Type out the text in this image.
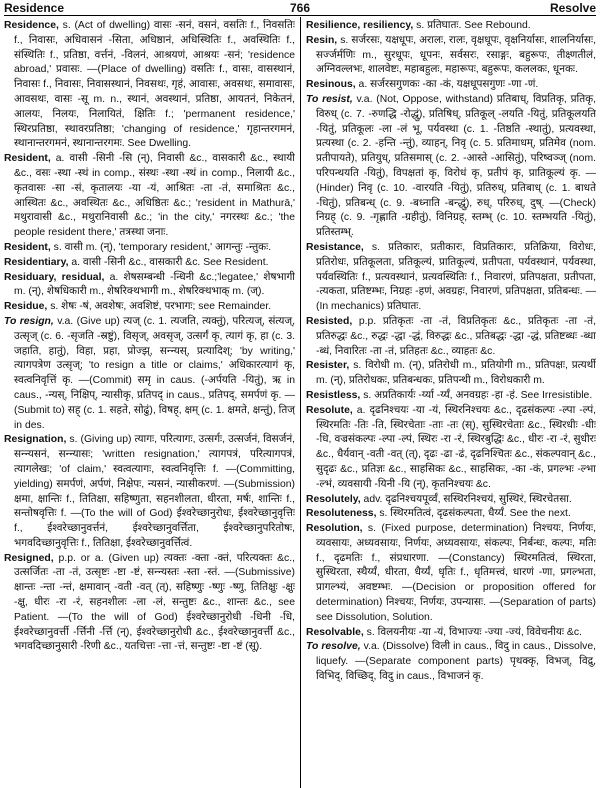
Residence	766	Resolve

Residence, s. (Act of dwelling) वासः -सनं, वसनं, वसतिः f., निवसतिः f., निवासः, अधिवासनं -सिता, अधिष्ठानं, अधिस्थितिः f., अवस्थितिः f., संस्थितिः f., प्रतिष्ठा, वर्त्तनं, -विलनं, आश्रयणं, आश्रयः -सनं; 'residence abroad,' प्रवासः. —(Place of dwelling) वसतिः f., वासः, वासस्थानं, निवासः f., निवासः, निवासस्थानं, निवसथः, गृहं, आवासः, अवसथः, समावासः, आवसथः, वासः -सू m. n., स्थानं, अवस्थानं, प्रतिष्ठा, आयतनं, निकेतनं, आलयः, निलयः, निलायितं, क्षितिः f.; 'permanent residence,' स्थिरप्रतिष्ठा, स्थावरप्रतिष्ठा; 'changing of residence,' गृहान्तरगमनं, स्थानान्तरगमनं, स्थानान्तरगमः. See Dwelling.

Resident, a. वासी -सिनी -सि (न्), निवासी &c., वासकारी &c., स्थायी &c., वसः -स्था -स्थं in comp., संस्थः -स्था -स्थं in comp., निलायी &c., कृतवासः -सा -सं, कृतालयः -या -यं, आश्रितः -ता -तं, समाश्रितः &c., आस्थितः &c., अवस्थितः &c., अधिष्ठितः &c.; 'resident in Mathurā,' मथुरावासी &c., मथुरानिवासी &c.; 'in the city,' नगरस्थः &c.; 'the people resident there,' तत्रस्था जनाः.

Resident, s. वासी m. (न्), 'temporary resident,' आगन्तुः -न्तुकः.

Residentiary, a. वासी -सिनी &c., वासकारी &c. See Resident.

Residuary, residual, a. शेषसम्बन्धी -न्धिनी &c.;'legatee,' शेषभागी m. (न्), शेषधिकारी m., शेषरिक्थभागी m., शेषरिक्थभाक् m. (ज्).

Residue, s. शेषः -षं, अवशेषः, अवशिष्टं, परभागः; see Remainder.

To resign, v.a. (Give up) त्यज् (c. 1. त्यजति, त्यक्तुं), परित्यज्, संत्यज्, उत्सृज् (c. 6. -सृजति -स्रष्टुं), विसृज्, अवसृज्, उत्सर्गं कृ, त्यागं कृ, हा (c. 3. जहाति, हातुं), विहा, प्रहा, प्रोज्झ्, सन्न्यस्, प्रत्यादिश्; 'by writing,' त्यागपत्रेण उत्सृज्; 'to resign a title or claims,' अधिकारत्यागं कृ, स्वत्वनिवृत्तिं कृ. —(Commit) समृ in caus. (-अर्पयति -यितुं), ऋ in caus., -न्यस्, निक्षिप्, न्यासीकृ, प्रतिपद् in caus., प्रतिपद्, समर्पणं कृ. —(Submit to) सह् (c. 1. सहते, सोढुं), विषह्, क्षम् (c. 1. क्षमते, क्षन्तुं), तिज् in des.

Resignation, s. (Giving up) त्यागः, परित्यागः, उत्सर्गः, उत्सर्जनं, विसर्जनं, सन्न्यसनं, सन्न्यासः; 'written resignation,' त्यागपत्रं, परित्यागपत्रं, त्यागलेखः; 'of claim,' स्वत्वत्यागः, स्वत्वनिवृत्तिः f. —(Committing, yielding) समर्पणं, अर्पणं, निक्षेपः, न्यसनं, न्यासीकरणं. —(Submission) क्षमा, क्षान्तिः f., तितिक्षा, सहिष्णुता, सहनशीलता, धीरता, मर्षः, शान्तिः f., सन्तोषवृत्तिः f. —(To the will of God) ईश्वरेच्छानुरोधः, ईश्वरेच्छानुवृत्तिः f., ईश्वरेच्छानुवर्त्तनं, ईश्वरेच्छानुवर्त्तिता, ईश्वरेच्छानुपरितोषः, भगवदिच्छानुवृत्तिः f., तितिक्षा, ईश्वरेच्छानुवर्त्तित्वं.

Resigned, p.p. or a. (Given up) त्यक्तः -क्ता -क्तं, परित्यक्तः &c., उत्सर्जितः -ता -तं, उत्सृष्टः -ष्टा -ष्टं, सन्न्यस्तः -स्ता -स्तं. —(Submissive) क्षान्तः -न्ता -न्तं, क्षमावान् -वती -वत् (त्), सहिष्णुः -ष्णुः -ष्णु, तितिक्षुः -क्षुः -क्षु, धीरः -रा -रं, सहनशीलः -ला -लं, सन्तुष्टः &c., शान्तः &c., see Patient. —(To the will of God) ईश्वरेच्छानुरोधी -धिनी -धि, ईश्वरेच्छानुवर्त्ती -र्त्तिनी -र्त्ति (न्), ईश्वरेच्छानुरोधी &c., ईश्वरेच्छानुवर्त्ती &c., भगवदिच्छानुसारी -रिणी &c., यतचित्तः -त्ता -त्तं, सन्तुष्टः -ष्टा -ष्टं (सू).

Resilience, resiliency, s. प्रतिघातः. See Rebound.

Resin, s. सर्जरसः, यक्षधूपः, अरालः, रालः, वृक्षधूपः, वृक्षनिर्यासः, शालनिर्यासः, सर्ज्जर्मणिः m., सुरधूपः, धूपनः, सर्वसरः, रसाङ्गः, बहुरूपः, तीक्ष्णतीलं, अग्निवल्लभः, शालवेष्टः, महाबहुलः, महारूपः, बहुरूपः, कललकः, धूनकः.

Resinous, a. सर्जरसगुणकः -का -कं, यक्षधूपसगुणः -णा -णं.

To resist, v.a. (Not, Oppose, withstand) प्रतिबाध्, विप्रतिकृ, प्रतिकृ, विरुध् (c. 7. -रुणद्धि -रोद्धुं), प्रतिषिध्, प्रतिकूल् -लयति -यितुं, प्रतिकूलयति -यितुं, प्रतिकूलः -ला -लं भू, पर्यवस्था (c. 1. -तिष्ठति -स्थातुं), प्रत्यवस्था, प्रत्यस्था (c. 2. -हन्ति -न्तुं), व्याहन्, निवृ (c. 5. प्रतिमाधम्, प्रतिमेव (nom. प्रतीपायते), प्रतियुध्, प्रतिसमास् (c. 2. -आस्ते -आसितुं), परिष्वञ्ज् (nom. परिपन्थयति -यितुं), विपक्षतां कृ, विरोधं कृ, प्रतीपं कृ, प्रातिकूल्यं कृ. —(Hinder) निवृ (c. 10. -वारयति -यितुं), प्रतिरुध्, प्रतिबाध् (c. 1. बाधते -धितुं), प्रतिबन्ध् (c. 9. -बध्नाति -बन्द्धुं), रुध्, परिरुध्, दुष्. —(Check) निग्रह् (c. 9. -गृह्णाति -ग्रहीतुं), विनिग्रह्, स्तम्भ् (c. 10. स्तम्भयति -यितुं), प्रतिस्तम्भ्.

Resistance, s. प्रतिकारः, प्रतीकारः, विप्रतिकारः, प्रतिक्रिया, विरोधः, प्रतिरोधः, प्रतिकूलता, प्रतिकूल्यं, प्रातिकूल्यं, प्रतीपता, पर्यवस्थानं, पर्यवस्था, पर्यवस्थितिः f., प्रत्यवस्थानं, प्रत्यवस्थितिः f., निवारणं, प्रतिपक्षता, प्रतीपता, -त्यकता, प्रतिष्टम्भः, निग्रहः -हणं, अवग्रहः, निवारणं, प्रतिपक्षता, प्रतिबन्धः. —(In mechanics) प्रतिघातः.

Resisted, p.p. प्रतिकृतः -ता -तं, विप्रतिकृतः &c., प्रतिकृतः -ता -तं, प्रतिरुद्धः &c., रुद्धः -द्धा -द्धं, विरुद्धः &c., प्रतिबद्धः -द्धा -द्धं, प्रतिष्टब्धः -ब्धा -ब्धं, निवारितः -ता -तं, प्रतिहतः &c., व्याहतः &c.

Resister, s. विरोधी m. (न्), प्रतिरोधी m., प्रतियोगी m., प्रतिपक्षः, प्रत्यर्थी m. (न्), प्रतिरोधकः, प्रतिबन्धकः, प्रतिपन्थी m., विरोधकारी m.

Resistless, s. अप्रतिकार्यः -र्य्या -र्य्यं, अनवग्रहः -हा -हं. See Irresistible.

Resolute, a. दृढनिश्चयः -या -यं, स्थिरनिश्चयः &c., दृढसंकल्पः -ल्पा -ल्पं, स्थिरमतिः -तिः -ति, स्थिरचेताः -ताः -तः (स्), सुस्थिरचेताः &c., स्थिरधीः -धीः -धि, वज्रसंकल्पः -ल्पा -ल्पं, स्थिरः -रा -रं, स्थिरबुद्धिः &c., धीरः -रा -रं, सुधीरः &c., धैर्यवान् -वती -वत् (त्), दृढः -ढा -ढं, दृढनिश्चितः &c., संकल्पवान् &c., सुदृढः &c., प्रतिज्ञः &c., साहसिकः &c., साहसिकः, -का -कं, प्रगल्भः -ल्भा -ल्भं, व्यवसायी -यिनी -यि (न्), कृतनिश्चयः &c.

Resolutely, adv. दृढनिश्चयपूर्व्वं, सस्थिरनिश्चयं, सुस्थिरं, स्थिरचेतसा.

Resoluteness, s. स्थिरमतित्वं, दृढसंकल्पता, धैर्य्यं. See the next.

Resolution, s. (Fixed purpose, determination) निश्चयः, निर्णयः, व्यवसायः, अध्यवसायः, निर्णयः, अध्यवसायः, संकल्पः, निर्बन्धः, कल्पः, मतिः f., दृढमतिः f., संप्रधारणा. —(Constancy) स्थिरमतित्वं, स्थिरता, सुस्थिरता, स्थैर्य्यं, धीरता, धैर्य्यं, धृतिः f., धृतिमत्त्वं, धारणं -णा, प्रगल्भता, प्रागल्भ्यं, अवष्टम्भः. —(Decision or proposition offered for determination) निश्चयः, निर्णयः, उपन्यासः. —(Separation of parts) see Dissolution, Solution.

Resolvable, s. विलयनीयः -या -यं, विभाज्यः -ज्या -ज्यं, विवेचनीयः &c.

To resolve, v.a. (Dissolve) विली in caus., विदु in caus., Dissolve, liquefy. —(Separate component parts) पृथक्कृ, विभज्, विद्रु, विभिद्, विच्छिद्, विदु in caus., विभाजनं कृ.
